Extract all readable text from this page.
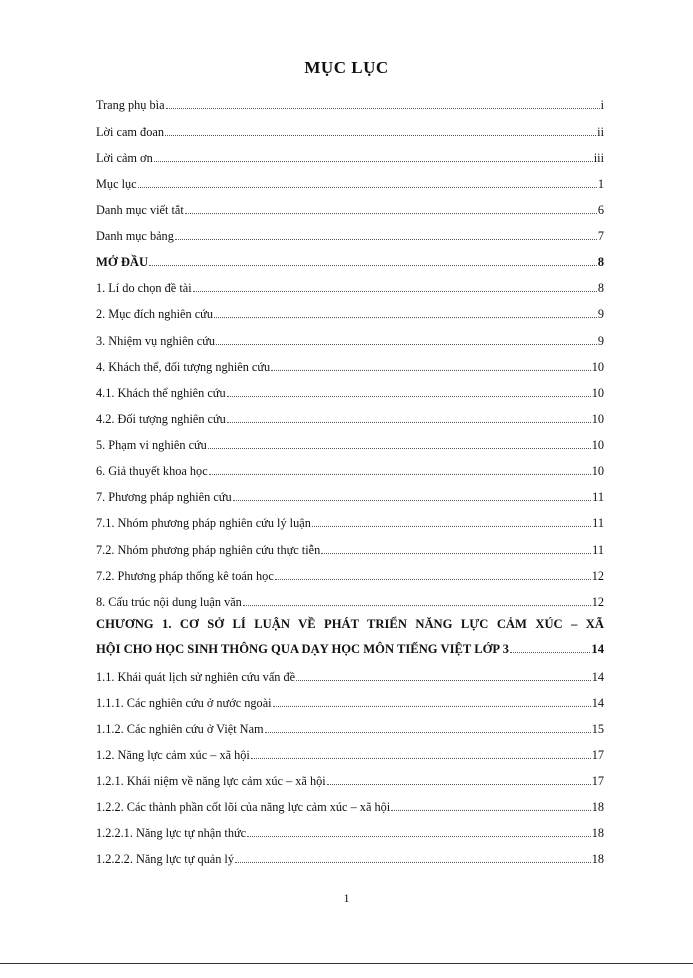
MỤC LỤC
CHƯƠNG 1. CƠ SỞ LÍ LUẬN VỀ PHÁT TRIỂN NĂNG LỰC CẢM XÚC – XÃ
HỘI CHO HỌC SINH THÔNG QUA DẠY HỌC MÔN TIẾNG VIỆT LỚP 3	14
Trang phụ bìa	i
Lời cam đoan	ii
Lời cảm ơn	iii
Mục lục	1
Danh mục viết tắt	6
Danh mục bảng	7
MỞ ĐẦU	8
1. Lí do chọn đề tài	8
2. Mục đích nghiên cứu	9
3. Nhiệm vụ nghiên cứu	9
4. Khách thể, đối tượng nghiên cứu	10
4.1. Khách thể nghiên cứu	10
4.2. Đối tượng nghiên cứu	10
5. Phạm vi nghiên cứu	10
6. Giả thuyết khoa học	10
7. Phương pháp nghiên cứu	11
7.1. Nhóm phương pháp nghiên cứu lý luận	11
7.2. Nhóm phương pháp nghiên cứu thực tiễn	11
7.2. Phương pháp thống kê toán học	12
8. Cấu trúc nội dung luận văn	12
1.1. Khái quát lịch sử nghiên cứu vấn đề	14
1.1.1. Các nghiên cứu ở nước ngoài	14
1.1.2. Các nghiên cứu ở Việt Nam	15
1.2. Năng lực cảm xúc – xã hội	17
1.2.1. Khái niệm về năng lực cảm xúc – xã hội	17
1.2.2. Các thành phần cốt lõi của năng lực cảm xúc – xã hội	18
1.2.2.1. Năng lực tự nhận thức	18
1.2.2.2. Năng lực tự quản lý	18
1
